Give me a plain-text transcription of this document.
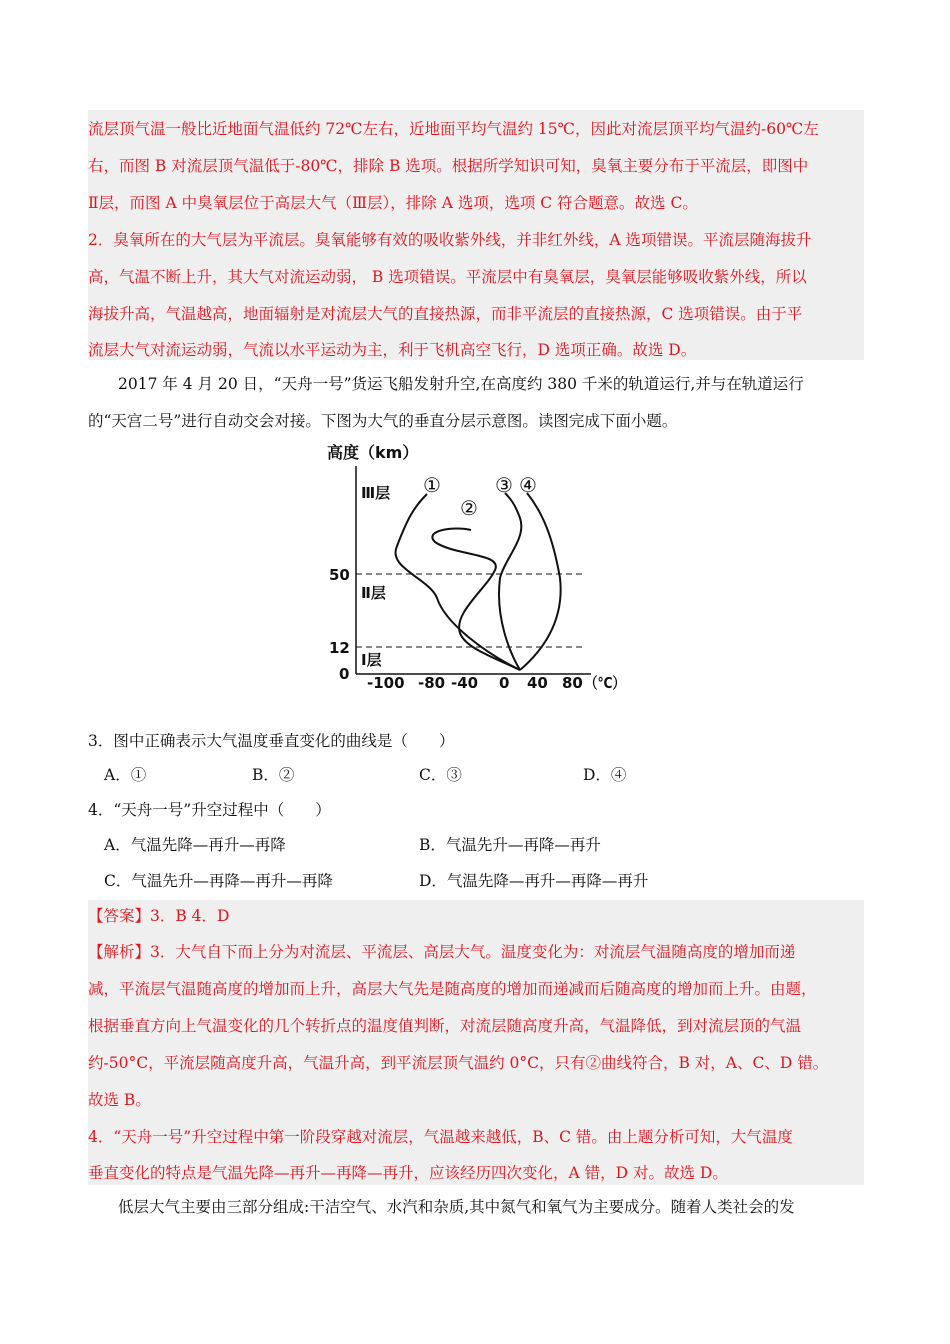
流层顶气温一般比近地面气温低约 72℃左右，近地面平均气温约 15℃，因此对流层顶平均气温约-60℃左
右，而图 B 对流层顶气温低于-80℃，排除 B 选项。根据所学知识可知，臭氧主要分布于平流层，即图中
Ⅱ层，而图 A 中臭氧层位于高层大气（Ⅲ层），排除 A 选项，选项 C 符合题意。故选 C。
2．臭氧所在的大气层为平流层。臭氧能够有效的吸收紫外线，并非红外线，A 选项错误。平流层随海拔升
高，气温不断上升，其大气对流运动弱， B 选项错误。平流层中有臭氧层，臭氧层能够吸收紫外线，所以
海拔升高，气温越高，地面辐射是对流层大气的直接热源，而非平流层的直接热源，C 选项错误。由于平
流层大气对流运动弱，气流以水平运动为主，利于飞机高空飞行，D 选项正确。故选 D。
2017 年 4 月 20 日，“天舟一号”货运飞船发射升空,在高度约 380 千米的轨道运行,并与在轨道运行
的“天宫二号”进行自动交会对接。下图为大气的垂直分层示意图。读图完成下面小题。
高度（km）
50
12
0
Ⅲ层
Ⅱ层
Ⅰ层
-100 -80 -40 0 40 80 （℃）
①
②
③ ④
3．图中正确表示大气温度垂直变化的曲线是（　　）
A．①	B．②	C．③	D．④
4．“天舟一号”升空过程中（　　）
A．气温先降—再升—再降	B．气温先升—再降—再升
C．气温先升—再降—再升—再降	D．气温先降—再升—再降—再升
【答案】3．B 4．D
【解析】3．大气自下而上分为对流层、平流层、高层大气。温度变化为：对流层气温随高度的增加而递
减，平流层气温随高度的增加而上升，高层大气先是随高度的增加而递减而后随高度的增加而上升。由题，
根据垂直方向上气温变化的几个转折点的温度值判断，对流层随高度升高，气温降低，到对流层顶的气温
约-50°C，平流层随高度升高，气温升高，到平流层顶气温约 0°C，只有②曲线符合，B 对，A、C、D 错。
故选 B。
4．“天舟一号”升空过程中第一阶段穿越对流层，气温越来越低，B、C 错。由上题分析可知，大气温度
垂直变化的特点是气温先降—再升—再降—再升，应该经历四次变化，A 错，D 对。故选 D。
低层大气主要由三部分组成:干洁空气、水汽和杂质,其中氮气和氧气为主要成分。随着人类社会的发
